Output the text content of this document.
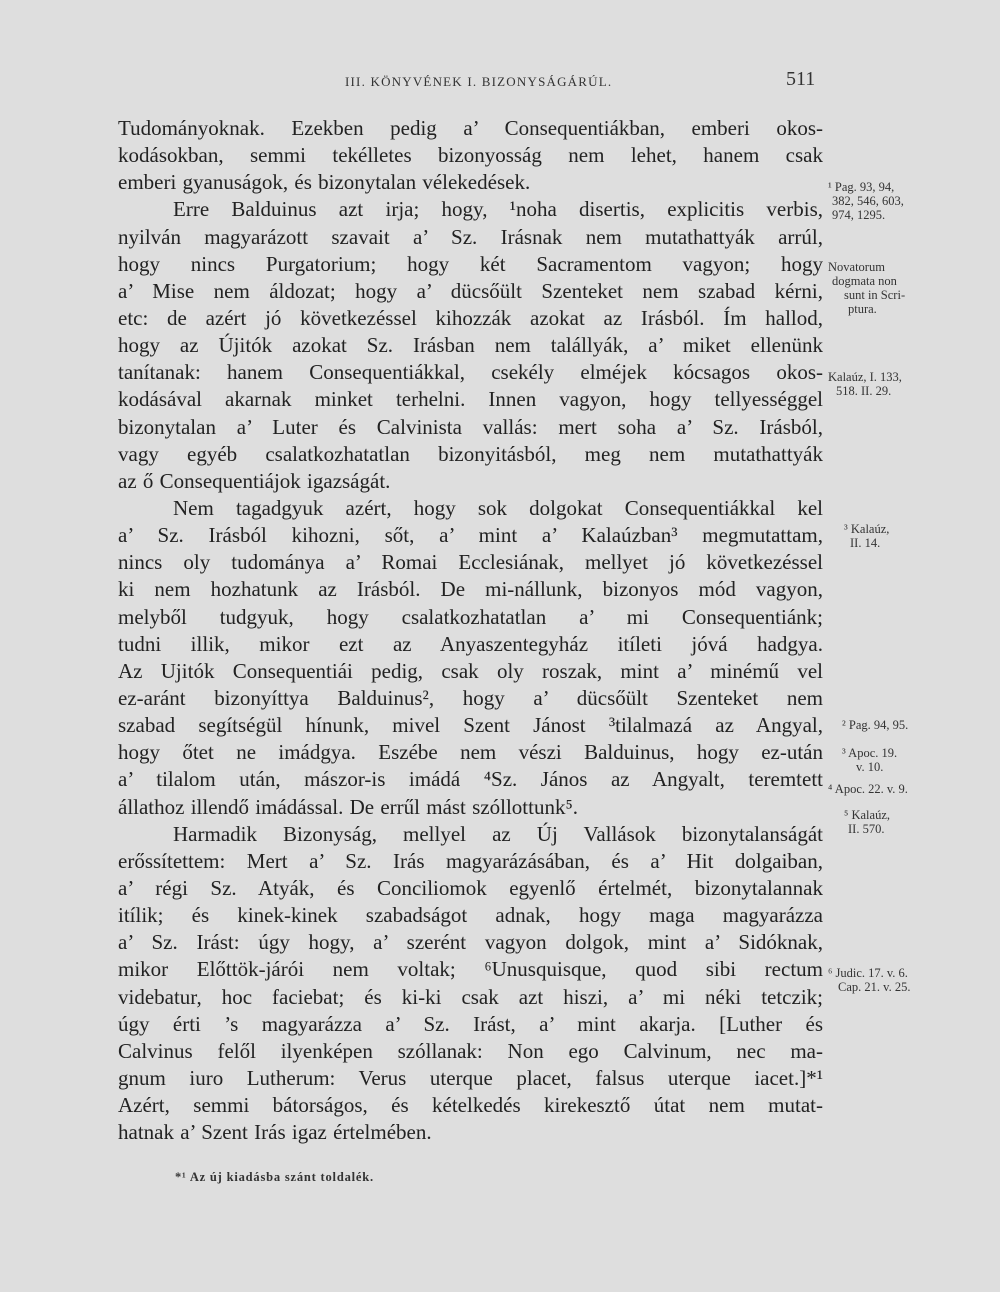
III. KÖNYVÉNEK I. BIZONYSÁGÁRÚL.	511
Tudományoknak. Ezekben pedig a’ Consequentiákban, emberi okos-
kodásokban, semmi tekélletes bizonyosság nem lehet, hanem csak
emberi gyanuságok, és bizonytalan vélekedések.
Erre Balduinus azt irja; hogy, ¹noha disertis, explicitis verbis,
nyilván magyarázott szavait a’ Sz. Irásnak nem mutathattyák arrúl,
hogy nincs Purgatorium; hogy két Sacramentom vagyon; hogy
a’ Mise nem áldozat; hogy a’ dücsőült Szenteket nem szabad kérni,
etc: de azért jó következéssel kihozzák azokat az Irásból. Ím hallod,
hogy az Újitók azokat Sz. Irásban nem talállyák, a’ miket ellenünk
tanítanak: hanem Consequentiákkal, csekély elméjek kócsagos okos-
kodásával akarnak minket terhelni. Innen vagyon, hogy tellyességgel
bizonytalan a’ Luter és Calvinista vallás: mert soha a’ Sz. Irásból,
vagy egyéb csalatkozhatatlan bizonyitásból, meg nem mutathattyák
az ő Consequentiájok igazságát.
Nem tagadgyuk azért, hogy sok dolgokat Consequentiákkal kel
a’ Sz. Irásból kihozni, sőt, a’ mint a’ Kalaúzban³ megmutattam,
nincs oly tudománya a’ Romai Ecclesiának, mellyet jó következéssel
ki nem hozhatunk az Irásból. De mi-nállunk, bizonyos mód vagyon,
melyből tudgyuk, hogy csalatkozhatatlan a’ mi Consequentiánk;
tudni illik, mikor ezt az Anyaszentegyház itíleti jóvá hadgya.
Az Ujitók Consequentiái pedig, csak oly roszak, mint a’ minémű vel
ez-aránt bizonyíttya Balduinus², hogy a’ dücsőült Szenteket nem
szabad segítségül hínunk, mivel Szent Jánost ³tilalmazá az Angyal,
hogy őtet ne imádgya. Eszébe nem vészi Balduinus, hogy ez-után
a’ tilalom után, mászor-is imádá ⁴Sz. János az Angyalt, teremtett
állathoz illendő imádással. De errűl mást szóllottunk⁵.
Harmadik Bizonyság, mellyel az Új Vallások bizonytalanságát
erőssítettem: Mert a’ Sz. Irás magyarázásában, és a’ Hit dolgaiban,
a’ régi Sz. Atyák, és Conciliomok egyenlő értelmét, bizonytalannak
itílik; és kinek-kinek szabadságot adnak, hogy maga magyarázza
a’ Sz. Irást: úgy hogy, a’ szerént vagyon dolgok, mint a’ Sidóknak,
mikor Előttök-járói nem voltak; ⁶Unusquisque, quod sibi rectum
videbatur, hoc faciebat; és ki-ki csak azt hiszi, a’ mi néki tetczik;
úgy érti ’s magyarázza a’ Sz. Irást, a’ mint akarja. [Luther és
Calvinus felől ilyenképen szóllanak: Non ego Calvinum, nec ma-
gnum iuro Lutherum: Verus uterque placet, falsus uterque iacet.]*¹
Azért, semmi bátorságos, és kételkedés kirekesztő útat nem mutat-
hatnak a’ Szent Irás igaz értelmében.
¹ Pag. 93, 94,
382, 546, 603,
974, 1295.
Novatorum
dogmata non
sunt in Scri-
ptura.
Kalaúz, I. 133,
518. II. 29.
³ Kalaúz,
II. 14.
² Pag. 94, 95.
³ Apoc. 19.
v. 10.
⁴ Apoc. 22. v. 9.
⁵ Kalaúz,
II. 570.
⁶ Judic. 17. v. 6.
Cap. 21. v. 25.
*¹ Az új kiadásba szánt toldalék.
